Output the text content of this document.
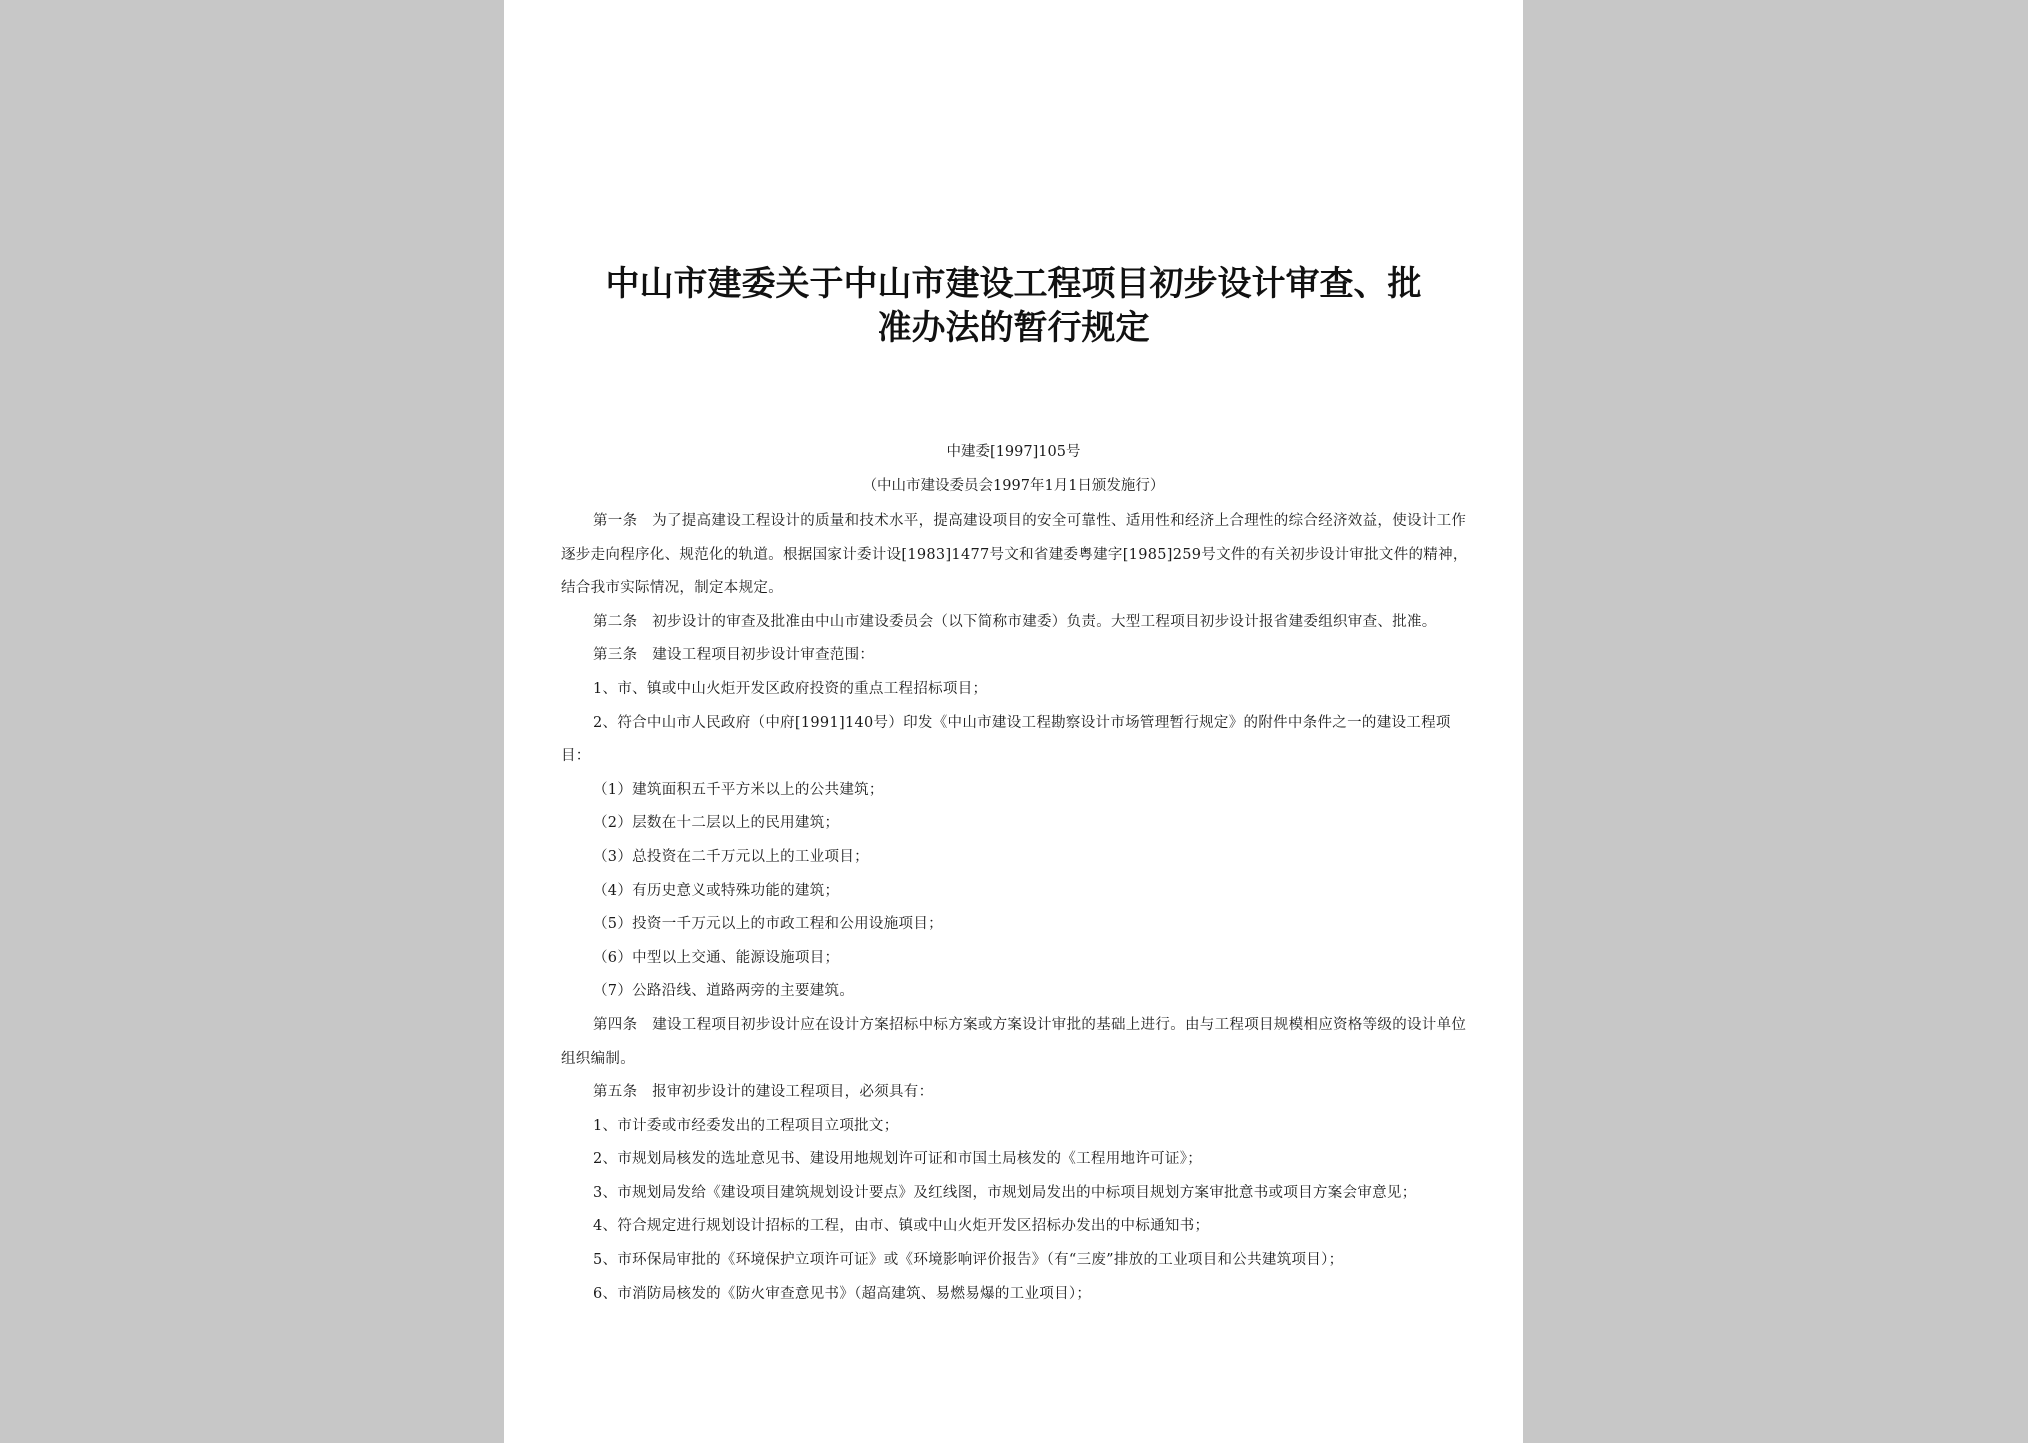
中山市建委关于中山市建设工程项目初步设计审查、批
准办法的暂行规定
中建委[1997]105号
（中山市建设委员会1997年1月1日颁发施行）

第一条　为了提高建设工程设计的质量和技术水平，提高建设项目的安全可靠性、适用性和经济上合理性的综合经济效益，使设计工作逐步走向程序化、规范化的轨道。根据国家计委计设[1983]1477号文和省建委粤建字[1985]259号文件的有关初步设计审批文件的精神，结合我市实际情况，制定本规定。

第二条　初步设计的审查及批准由中山市建设委员会（以下简称市建委）负责。大型工程项目初步设计报省建委组织审查、批准。

第三条　建设工程项目初步设计审查范围：

1、市、镇或中山火炬开发区政府投资的重点工程招标项目；

2、符合中山市人民政府（中府[1991]140号）印发《中山市建设工程勘察设计市场管理暂行规定》的附件中条件之一的建设工程项目：

（1）建筑面积五千平方米以上的公共建筑；

（2）层数在十二层以上的民用建筑；

（3）总投资在二千万元以上的工业项目；

（4）有历史意义或特殊功能的建筑；

（5）投资一千万元以上的市政工程和公用设施项目；

（6）中型以上交通、能源设施项目；

（7）公路沿线、道路两旁的主要建筑。

第四条　建设工程项目初步设计应在设计方案招标中标方案或方案设计审批的基础上进行。由与工程项目规模相应资格等级的设计单位组织编制。

第五条　报审初步设计的建设工程项目，必须具有：

1、市计委或市经委发出的工程项目立项批文；

2、市规划局核发的选址意见书、建设用地规划许可证和市国土局核发的《工程用地许可证》；

3、市规划局发给《建设项目建筑规划设计要点》及红线图，市规划局发出的中标项目规划方案审批意书或项目方案会审意见；

4、符合规定进行规划设计招标的工程，由市、镇或中山火炬开发区招标办发出的中标通知书；

5、市环保局审批的《环境保护立项许可证》或《环境影响评价报告》（有“三废”排放的工业项目和公共建筑项目）；

6、市消防局核发的《防火审查意见书》（超高建筑、易燃易爆的工业项目）；
